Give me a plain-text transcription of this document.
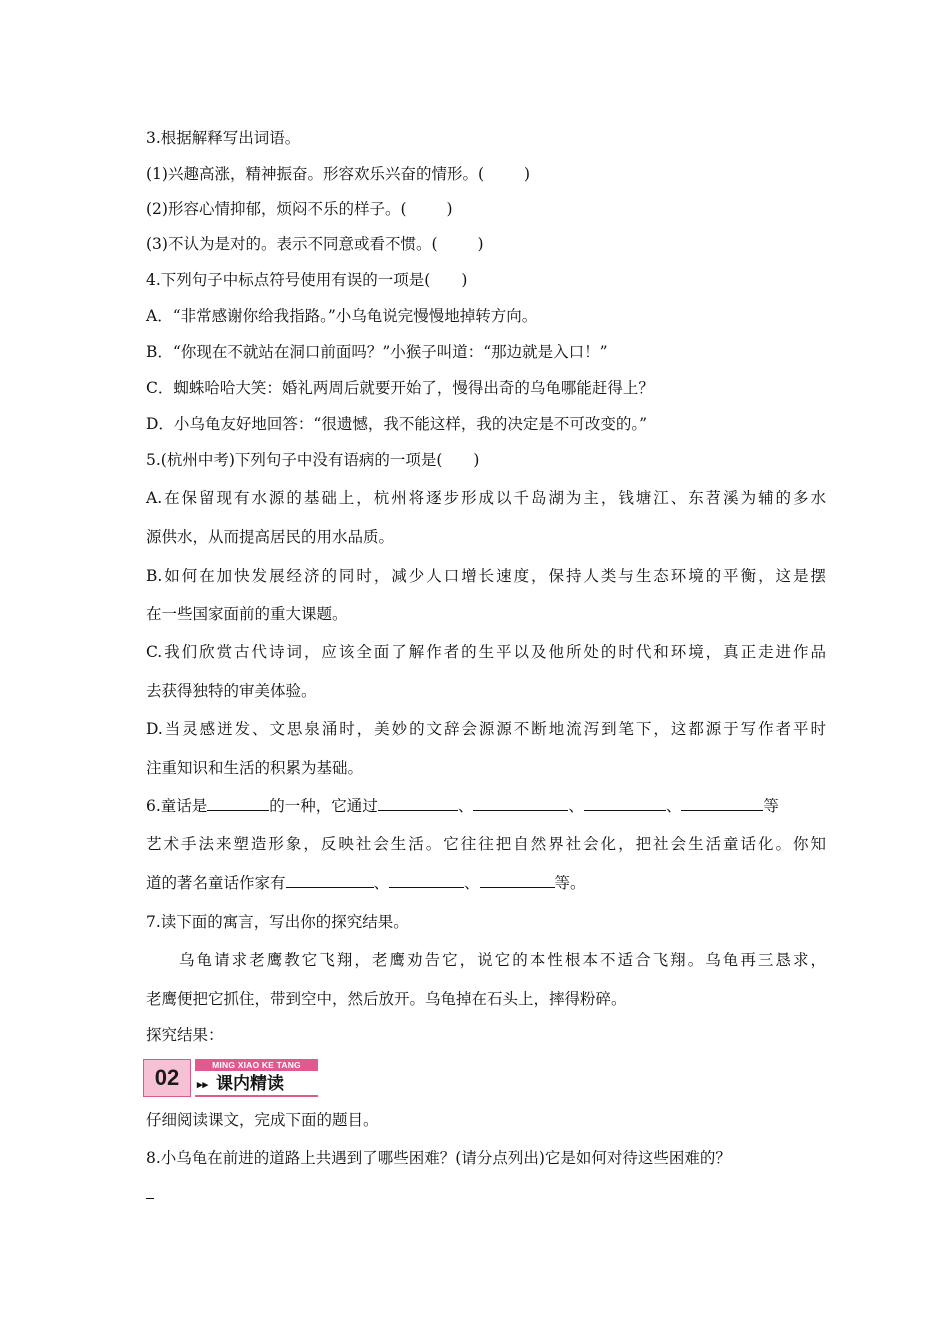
3.根据解释写出词语。
(1)兴趣高涨，精神振奋。形容欢乐兴奋的情形。(	)
(2)形容心情抑郁，烦闷不乐的样子。(	)
(3)不认为是对的。表示不同意或看不惯。(	)
4.下列句子中标点符号使用有误的一项是(　　)
A．“非常感谢你给我指路。”小乌龟说完慢慢地掉转方向。
B．“你现在不就站在洞口前面吗？”小猴子叫道：“那边就是入口！”
C．蜘蛛哈哈大笑：婚礼两周后就要开始了，慢得出奇的乌龟哪能赶得上？
D．小乌龟友好地回答：“很遗憾，我不能这样，我的决定是不可改变的。”
5.(杭州中考)下列句子中没有语病的一项是(　　)
A.在保留现有水源的基础上，杭州将逐步形成以千岛湖为主，钱塘江、东苕溪为辅的多水
源供水，从而提高居民的用水品质。
B.如何在加快发展经济的同时，减少人口增长速度，保持人类与生态环境的平衡，这是摆
在一些国家面前的重大课题。
C.我们欣赏古代诗词，应该全面了解作者的生平以及他所处的时代和环境，真正走进作品
去获得独特的审美体验。
D.当灵感迸发、文思泉涌时，美妙的文辞会源源不断地流泻到笔下，这都源于写作者平时
注重知识和生活的积累为基础。
6.童话是	的一种，它通过	、	、	、	等
艺术手法来塑造形象，反映社会生活。它往往把自然界社会化，把社会生活童话化。你知
道的著名童话作家有	、	、	等。
7.读下面的寓言，写出你的探究结果。
乌龟请求老鹰教它飞翔，老鹰劝告它，说它的本性根本不适合飞翔。乌龟再三恳求，
老鹰便把它抓住，带到空中，然后放开。乌龟掉在石头上，摔得粉碎。
探究结果：
02	MING XIAO KE TANG
▸▸ 课内精读
仔细阅读课文，完成下面的题目。
8.小乌龟在前进的道路上共遇到了哪些困难？(请分点列出)它是如何对待这些困难的？
